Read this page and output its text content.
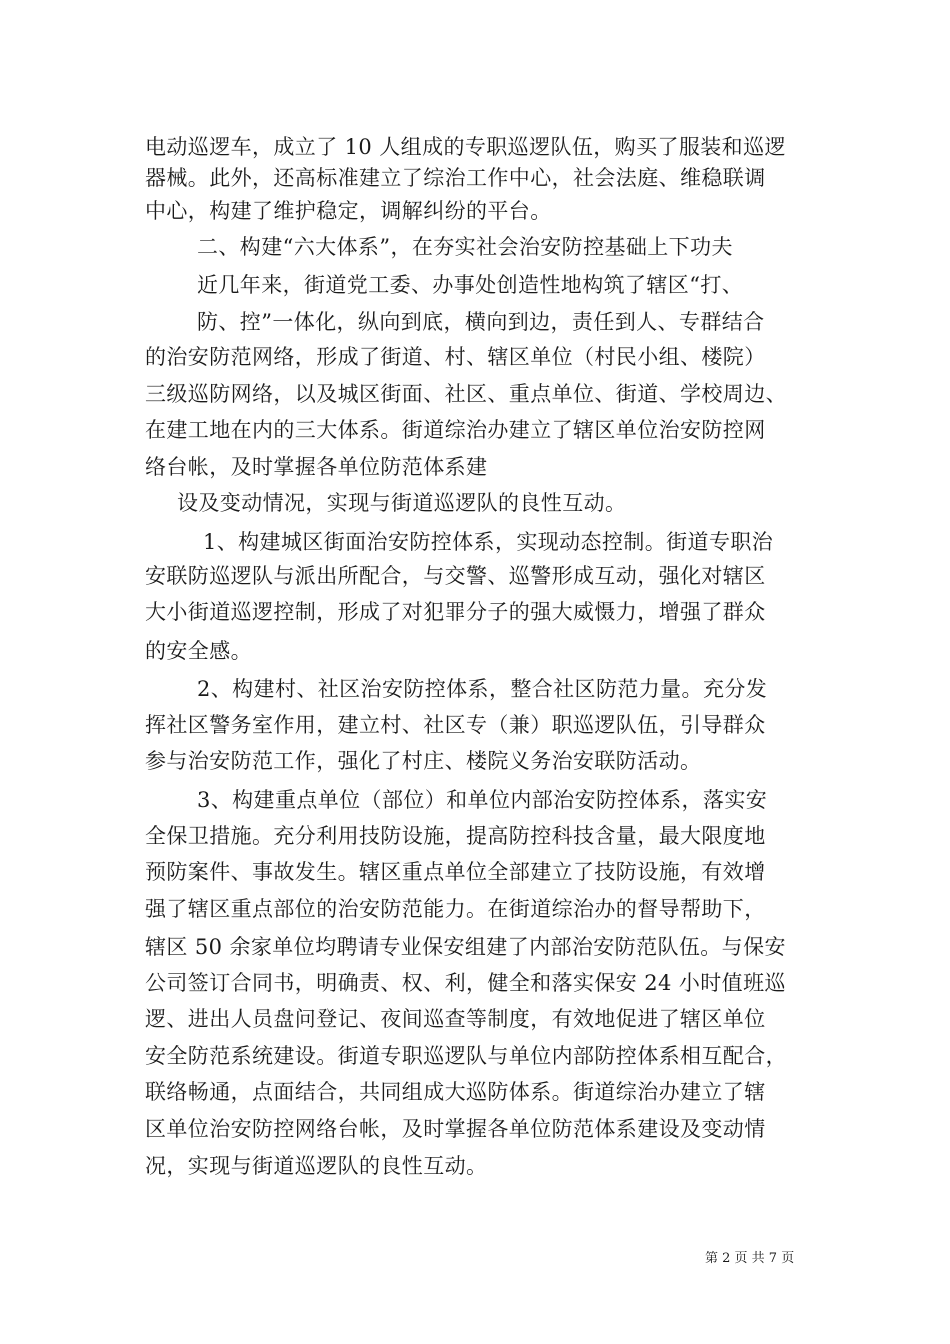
电动巡逻车，成立了 10 人组成的专职巡逻队伍，购买了服装和巡逻
器械。此外，还高标准建立了综治工作中心，社会法庭、维稳联调
中心，构建了维护稳定，调解纠纷的平台。
二、构建“六大体系”，在夯实社会治安防控基础上下功夫
近几年来，街道党工委、办事处创造性地构筑了辖区“打、
防、控”一体化，纵向到底，横向到边，责任到人、专群结合
的治安防范网络，形成了街道、村、辖区单位（村民小组、楼院）
三级巡防网络，以及城区街面、社区、重点单位、街道、学校周边、
在建工地在内的三大体系。街道综治办建立了辖区单位治安防控网
络台帐，及时掌握各单位防范体系建
设及变动情况，实现与街道巡逻队的良性互动。
1、构建城区街面治安防控体系，实现动态控制。街道专职治
安联防巡逻队与派出所配合，与交警、巡警形成互动，强化对辖区
大小街道巡逻控制，形成了对犯罪分子的强大威慑力，增强了群众
的安全感。
2、构建村、社区治安防控体系，整合社区防范力量。充分发
挥社区警务室作用，建立村、社区专（兼）职巡逻队伍，引导群众
参与治安防范工作，强化了村庄、楼院义务治安联防活动。
3、构建重点单位（部位）和单位内部治安防控体系，落实安
全保卫措施。充分利用技防设施，提高防控科技含量，最大限度地
预防案件、事故发生。辖区重点单位全部建立了技防设施，有效增
强了辖区重点部位的治安防范能力。在街道综治办的督导帮助下，
辖区 50 余家单位均聘请专业保安组建了内部治安防范队伍。与保安
公司签订合同书，明确责、权、利，健全和落实保安 24 小时值班巡
逻、进出人员盘问登记、夜间巡查等制度，有效地促进了辖区单位
安全防范系统建设。街道专职巡逻队与单位内部防控体系相互配合，
联络畅通，点面结合，共同组成大巡防体系。街道综治办建立了辖
区单位治安防控网络台帐，及时掌握各单位防范体系建设及变动情
况，实现与街道巡逻队的良性互动。
第 2 页 共 7 页
